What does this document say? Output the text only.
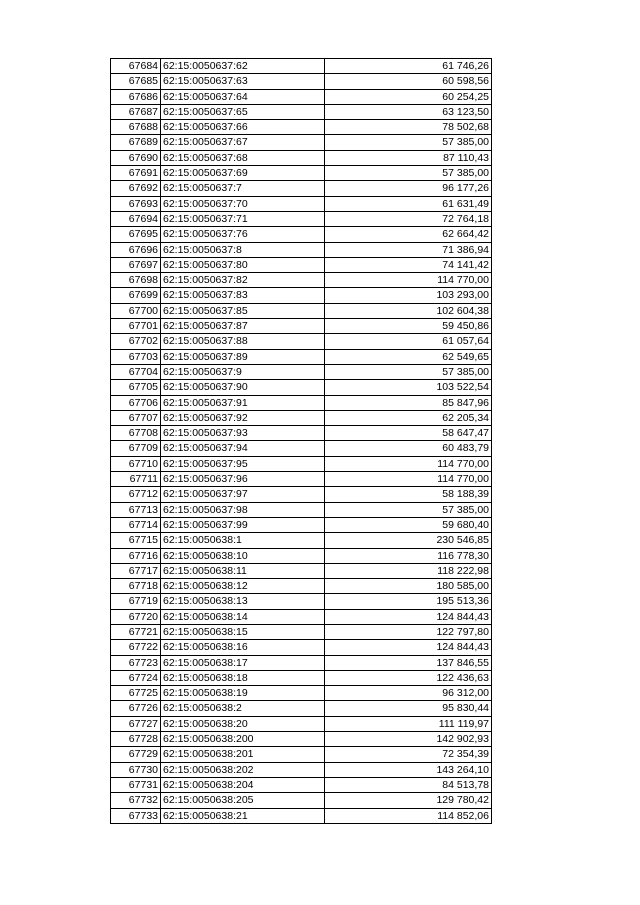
67684	62:15:0050637:62	61 746,26
67685	62:15:0050637:63	60 598,56
67686	62:15:0050637:64	60 254,25
67687	62:15:0050637:65	63 123,50
67688	62:15:0050637:66	78 502,68
67689	62:15:0050637:67	57 385,00
67690	62:15:0050637:68	87 110,43
67691	62:15:0050637:69	57 385,00
67692	62:15:0050637:7	96 177,26
67693	62:15:0050637:70	61 631,49
67694	62:15:0050637:71	72 764,18
67695	62:15:0050637:76	62 664,42
67696	62:15:0050637:8	71 386,94
67697	62:15:0050637:80	74 141,42
67698	62:15:0050637:82	114 770,00
67699	62:15:0050637:83	103 293,00
67700	62:15:0050637:85	102 604,38
67701	62:15:0050637:87	59 450,86
67702	62:15:0050637:88	61 057,64
67703	62:15:0050637:89	62 549,65
67704	62:15:0050637:9	57 385,00
67705	62:15:0050637:90	103 522,54
67706	62:15:0050637:91	85 847,96
67707	62:15:0050637:92	62 205,34
67708	62:15:0050637:93	58 647,47
67709	62:15:0050637:94	60 483,79
67710	62:15:0050637:95	114 770,00
67711	62:15:0050637:96	114 770,00
67712	62:15:0050637:97	58 188,39
67713	62:15:0050637:98	57 385,00
67714	62:15:0050637:99	59 680,40
67715	62:15:0050638:1	230 546,85
67716	62:15:0050638:10	116 778,30
67717	62:15:0050638:11	118 222,98
67718	62:15:0050638:12	180 585,00
67719	62:15:0050638:13	195 513,36
67720	62:15:0050638:14	124 844,43
67721	62:15:0050638:15	122 797,80
67722	62:15:0050638:16	124 844,43
67723	62:15:0050638:17	137 846,55
67724	62:15:0050638:18	122 436,63
67725	62:15:0050638:19	96 312,00
67726	62:15:0050638:2	95 830,44
67727	62:15:0050638:20	111 119,97
67728	62:15:0050638:200	142 902,93
67729	62:15:0050638:201	72 354,39
67730	62:15:0050638:202	143 264,10
67731	62:15:0050638:204	84 513,78
67732	62:15:0050638:205	129 780,42
67733	62:15:0050638:21	114 852,06
